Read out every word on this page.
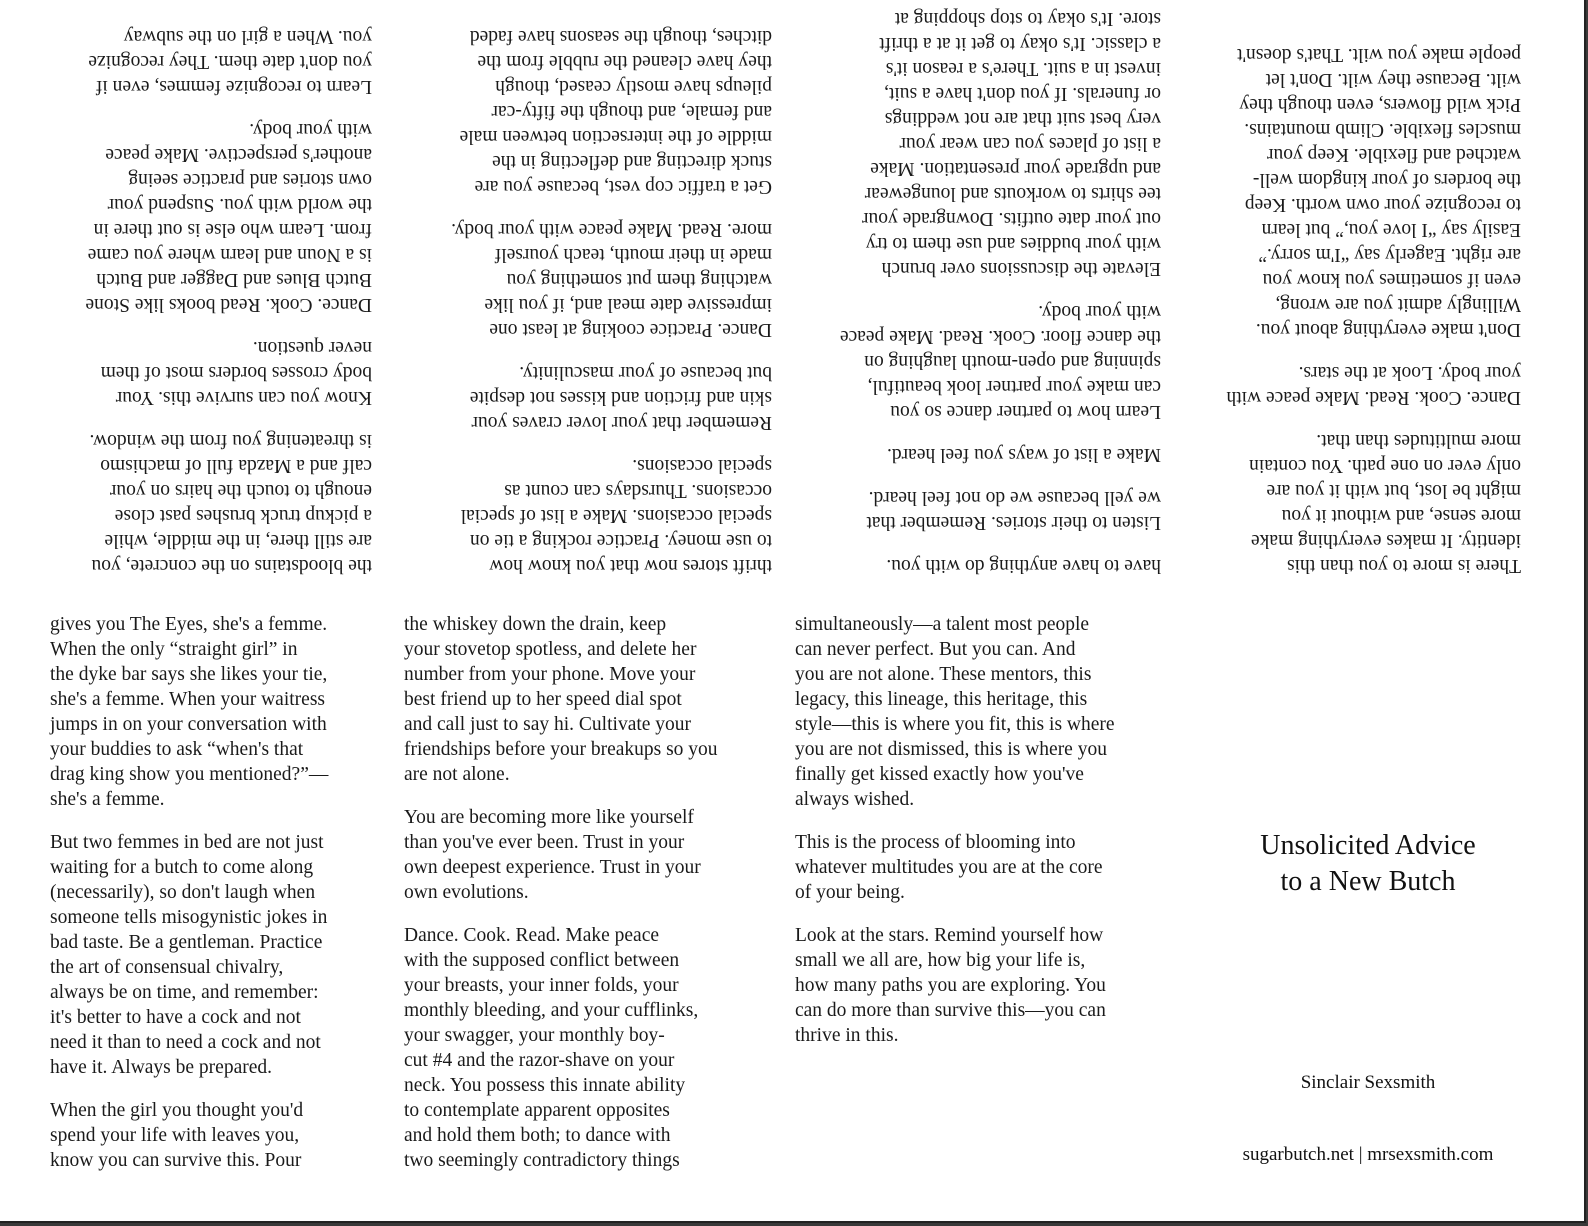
the bloodstains on the concrete, you
are still there, in the middle, while
a pickup truck brushes past close
enough to touch the hairs on your
calf and a Mazda full of machismo
is threatening you from the window.
Know you can survive this. Your
body crosses borders most of them
never question.
Dance. Cook. Read books like Stone
Butch Blues and Dagger and Butch
is a Noun and learn where you came
from. Learn who else is out there in
the world with you. Suspend your
own stories and practice seeing
another's perspective. Make peace
with your body.
Learn to recognize femmes, even if
you don't date them. They recognize
you. When a girl on the subway
thrift stores now that you know how
to use money. Practice rocking a tie on
special occasions. Make a list of special
occasions. Thursdays can count as
special occasions.
Remember that your lover craves your
skin and friction and kisses not despite
but because of your masculinity.
Dance. Practice cooking at least one
impressive date meal and, if you like
watching them put something you
made in their mouth, teach yourself
more. Read. Make peace with your body.
Get a traffic cop vest, because you are
stuck directing and deflecting in the
middle of the intersection between male
and female, and though the fifty-car
pileups have mostly ceased, though
they have cleaned the rubble from the
ditches, though the seasons have faded
have to have anything do with you.
Listen to their stories. Remember that
we yell because we do not feel heard.
Make a list of ways you feel heard.
Learn how to partner dance so you
can make your partner look beautiful,
spinning and open-mouth laughing on
the dance floor. Cook. Read. Make peace
with your body.
Elevate the discussions over brunch
with your buddies and use them to try
out your date outfits. Downgrade your
tee shirts to workouts and loungewear
and upgrade your presentation. Make
a list of places you can wear your
very best suit that are not weddings
or funerals. If you don't have a suit,
invest in a suit. There's a reason it's
a classic. It's okay to get it at a thrift
store. It's okay to stop shopping at
There is more to you than this
identity. It makes everything make
more sense, and without it you
might be lost, but with it you are
only ever on one path. You contain
more multitudes than that.
Dance. Cook. Read. Make peace with
your body. Look at the stars.
Don't make everything about you.
Willingly admit you are wrong,
even if sometimes you know you
are right. Eagerly say “I'm sorry.”
Easily say “I love you,” but learn
to recognize your own worth. Keep
the borders of your kingdom well-
watched and flexible. Keep your
muscles flexible. Climb mountains.
Pick wild flowers, even though they
wilt. Because they wilt. Don't let
people make you wilt. That's doesn't
gives you The Eyes, she's a femme.
When the only “straight girl” in
the dyke bar says she likes your tie,
she's a femme. When your waitress
jumps in on your conversation with
your buddies to ask “when's that
drag king show you mentioned?”—
she's a femme.
But two femmes in bed are not just
waiting for a butch to come along
(necessarily), so don't laugh when
someone tells misogynistic jokes in
bad taste. Be a gentleman. Practice
the art of consensual chivalry,
always be on time, and remember:
it's better to have a cock and not
need it than to need a cock and not
have it. Always be prepared.
When the girl you thought you'd
spend your life with leaves you,
know you can survive this. Pour
the whiskey down the drain, keep
your stovetop spotless, and delete her
number from your phone. Move your
best friend up to her speed dial spot
and call just to say hi. Cultivate your
friendships before your breakups so you
are not alone.
You are becoming more like yourself
than you've ever been. Trust in your
own deepest experience. Trust in your
own evolutions.
Dance. Cook. Read. Make peace
with the supposed conflict between
your breasts, your inner folds, your
monthly bleeding, and your cufflinks,
your swagger, your monthly boy-
cut #4 and the razor-shave on your
neck. You possess this innate ability
to contemplate apparent opposites
and hold them both; to dance with
two seemingly contradictory things
simultaneously—a talent most people
can never perfect. But you can. And
you are not alone. These mentors, this
legacy, this lineage, this heritage, this
style—this is where you fit, this is where
you are not dismissed, this is where you
finally get kissed exactly how you've
always wished.
This is the process of blooming into
whatever multitudes you are at the core
of your being.
Look at the stars. Remind yourself how
small we all are, how big your life is,
how many paths you are exploring. You
can do more than survive this—you can
thrive in this.
Unsolicited Advice
to a New Butch
Sinclair Sexsmith
sugarbutch.net | mrsexsmith.com
